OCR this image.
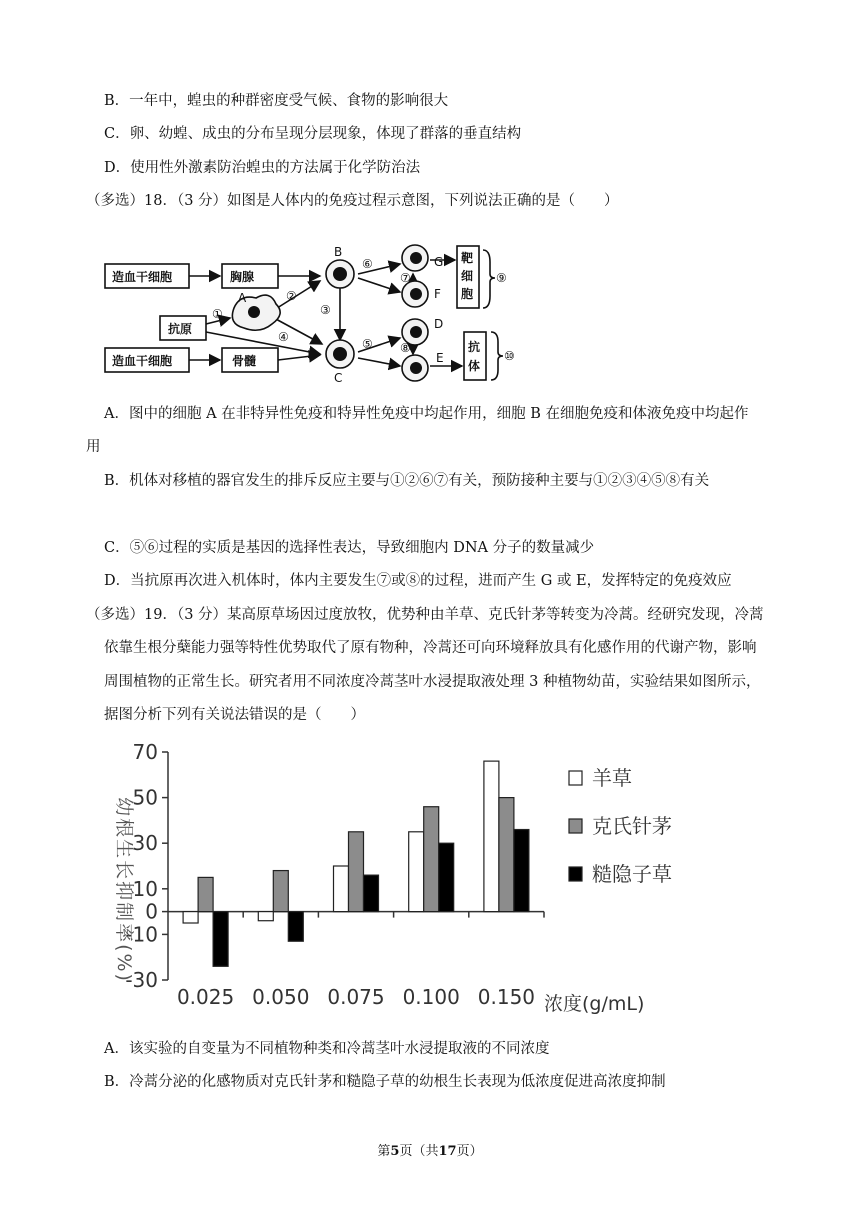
B．一年中，蝗虫的种群密度受气候、食物的影响很大
C．卵、幼蝗、成虫的分布呈现分层现象，体现了群落的垂直结构
D．使用性外激素防治蝗虫的方法属于化学防治法
（多选）18．（3 分）如图是人体内的免疫过程示意图，下列说法正确的是（　　）
造血干细胞	胸腺
抗原
造血干细胞	骨髓
靶
细
胞
抗
体
A
B
C
D
E
F
G
①
②
③
④	⑤
⑥
⑦
⑧
⑨
⑩
A．图中的细胞 A 在非特异性免疫和特异性免疫中均起作用，细胞 B 在细胞免疫和体液免疫中均起作
用
B．机体对移植的器官发生的排斥反应主要与①②⑥⑦有关，预防接种主要与①②③④⑤⑧有关
C．⑤⑥过程的实质是基因的选择性表达，导致细胞内 DNA 分子的数量减少
D．当抗原再次进入机体时，体内主要发生⑦或⑧的过程，进而产生 G 或 E，发挥特定的免疫效应
（多选）19．（3 分）某高原草场因过度放牧，优势种由羊草、克氏针茅等转变为冷蒿。经研究发现，冷蒿
依靠生根分蘖能力强等特性优势取代了原有物种，冷蒿还可向环境释放具有化感作用的代谢产物，影响
周围植物的正常生长。研究者用不同浓度冷蒿茎叶水浸提取液处理 3 种植物幼苗，实验结果如图所示，
据图分析下列有关说法错误的是（　　）
70
50
30
10
0
-10
-30
0.025 0.050 0.075 0.100 0.150
幼根生长抑制率(%)
浓度(g/mL)
羊草
克氏针茅
糙隐子草
A．该实验的自变量为不同植物种类和冷蒿茎叶水浸提取液的不同浓度
B．冷蒿分泌的化感物质对克氏针茅和糙隐子草的幼根生长表现为低浓度促进高浓度抑制
第5页（共17页）
